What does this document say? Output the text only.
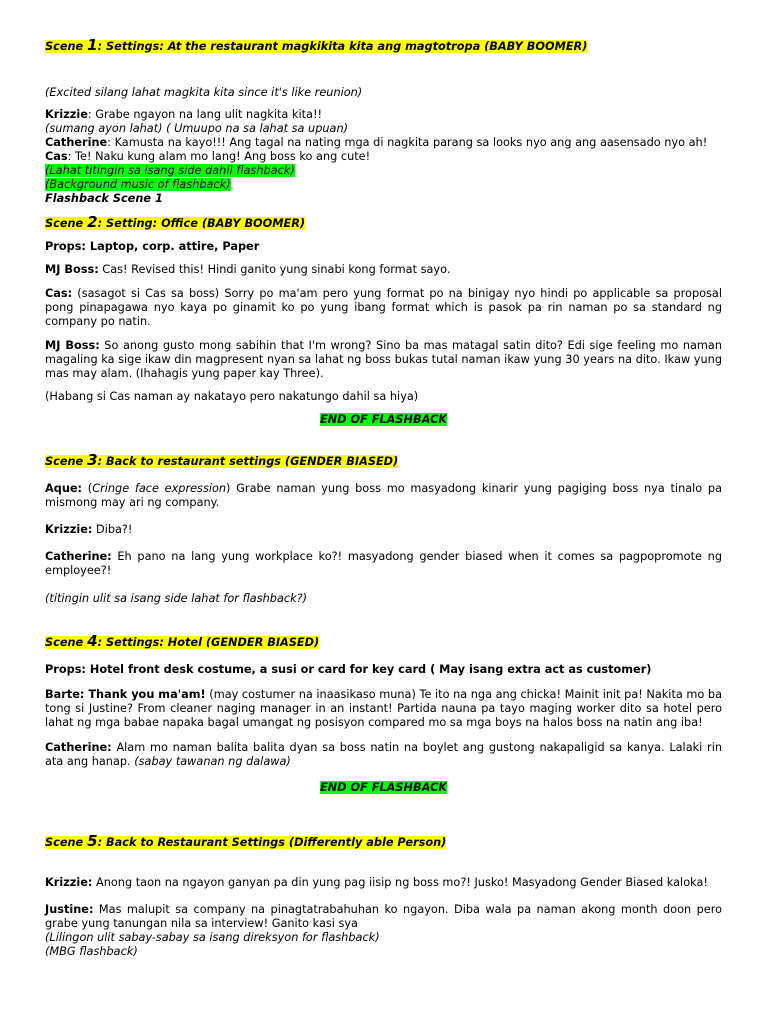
Scene 1: Settings: At the restaurant magkikita kita ang magtotropa (BABY BOOMER)

(Excited silang lahat magkita kita since it's like reunion)

Krizzie: Grabe ngayon na lang ulit nagkita kita!!

(sumang ayon lahat) ( Umuupo na sa lahat sa upuan)

Catherine: Kamusta na kayo!!! Ang tagal na nating mga di nagkita parang sa looks nyo ang ang aasensado nyo ah!

Cas: Te! Naku kung alam mo lang! Ang boss ko ang cute!

(Lahat titingin sa isang side dahil flashback)

(Background music of flashback)

Flashback Scene 1

Scene 2: Setting: Office (BABY BOOMER)

Props: Laptop, corp. attire, Paper

MJ Boss: Cas! Revised this! Hindi ganito yung sinabi kong format sayo.

Cas: (sasagot si Cas sa boss) Sorry po ma'am pero yung format po na binigay nyo hindi po applicable sa proposal pong pinapagawa nyo kaya po ginamit ko po yung ibang format which is pasok pa rin naman po sa standard ng company po natin.

MJ Boss: So anong gusto mong sabihin that I'm wrong? Sino ba mas matagal satin dito? Edi sige feeling mo naman magaling ka sige ikaw din magpresent nyan sa lahat ng boss bukas tutal naman ikaw yung 30 years na dito. Ikaw yung mas may alam. (Ihahagis yung paper kay Three).

(Habang si Cas naman ay nakatayo pero nakatungo dahil sa hiya)

END OF FLASHBACK

Scene 3: Back to restaurant settings (GENDER BIASED)

Aque: (Cringe face expression) Grabe naman yung boss mo masyadong kinarir yung pagiging boss nya tinalo pa mismong may ari ng company.

Krizzie: Diba?!

Catherine: Eh pano na lang yung workplace ko?! masyadong gender biased when it comes sa pagpopromote ng employee?!

(titingin ulit sa isang side lahat for flashback?)

Scene 4: Settings: Hotel (GENDER BIASED)

Props: Hotel front desk costume, a susi or card for key card ( May isang extra act as customer)

Barte: Thank you ma'am! (may costumer na inaasikaso muna) Te ito na nga ang chicka! Mainit init pa! Nakita mo ba tong si Justine? From cleaner naging manager in an instant! Partida nauna pa tayo maging worker dito sa hotel pero lahat ng mga babae napaka bagal umangat ng posisyon compared mo sa mga boys na halos boss na natin ang iba!

Catherine: Alam mo naman balita balita dyan sa boss natin na boylet ang gustong nakapaligid sa kanya. Lalaki rin ata ang hanap. (sabay tawanan ng dalawa)

END OF FLASHBACK

Scene 5: Back to Restaurant Settings (Differently able Person)

Krizzie: Anong taon na ngayon ganyan pa din yung pag iisip ng boss mo?! Jusko! Masyadong Gender Biased kaloka!

Justine: Mas malupit sa company na pinagtatrabahuhan ko ngayon. Diba wala pa naman akong month doon pero grabe yung tanungan nila sa interview! Ganito kasi sya

(Lilingon ulit sabay-sabay sa isang direksyon for flashback)

(MBG flashback)
